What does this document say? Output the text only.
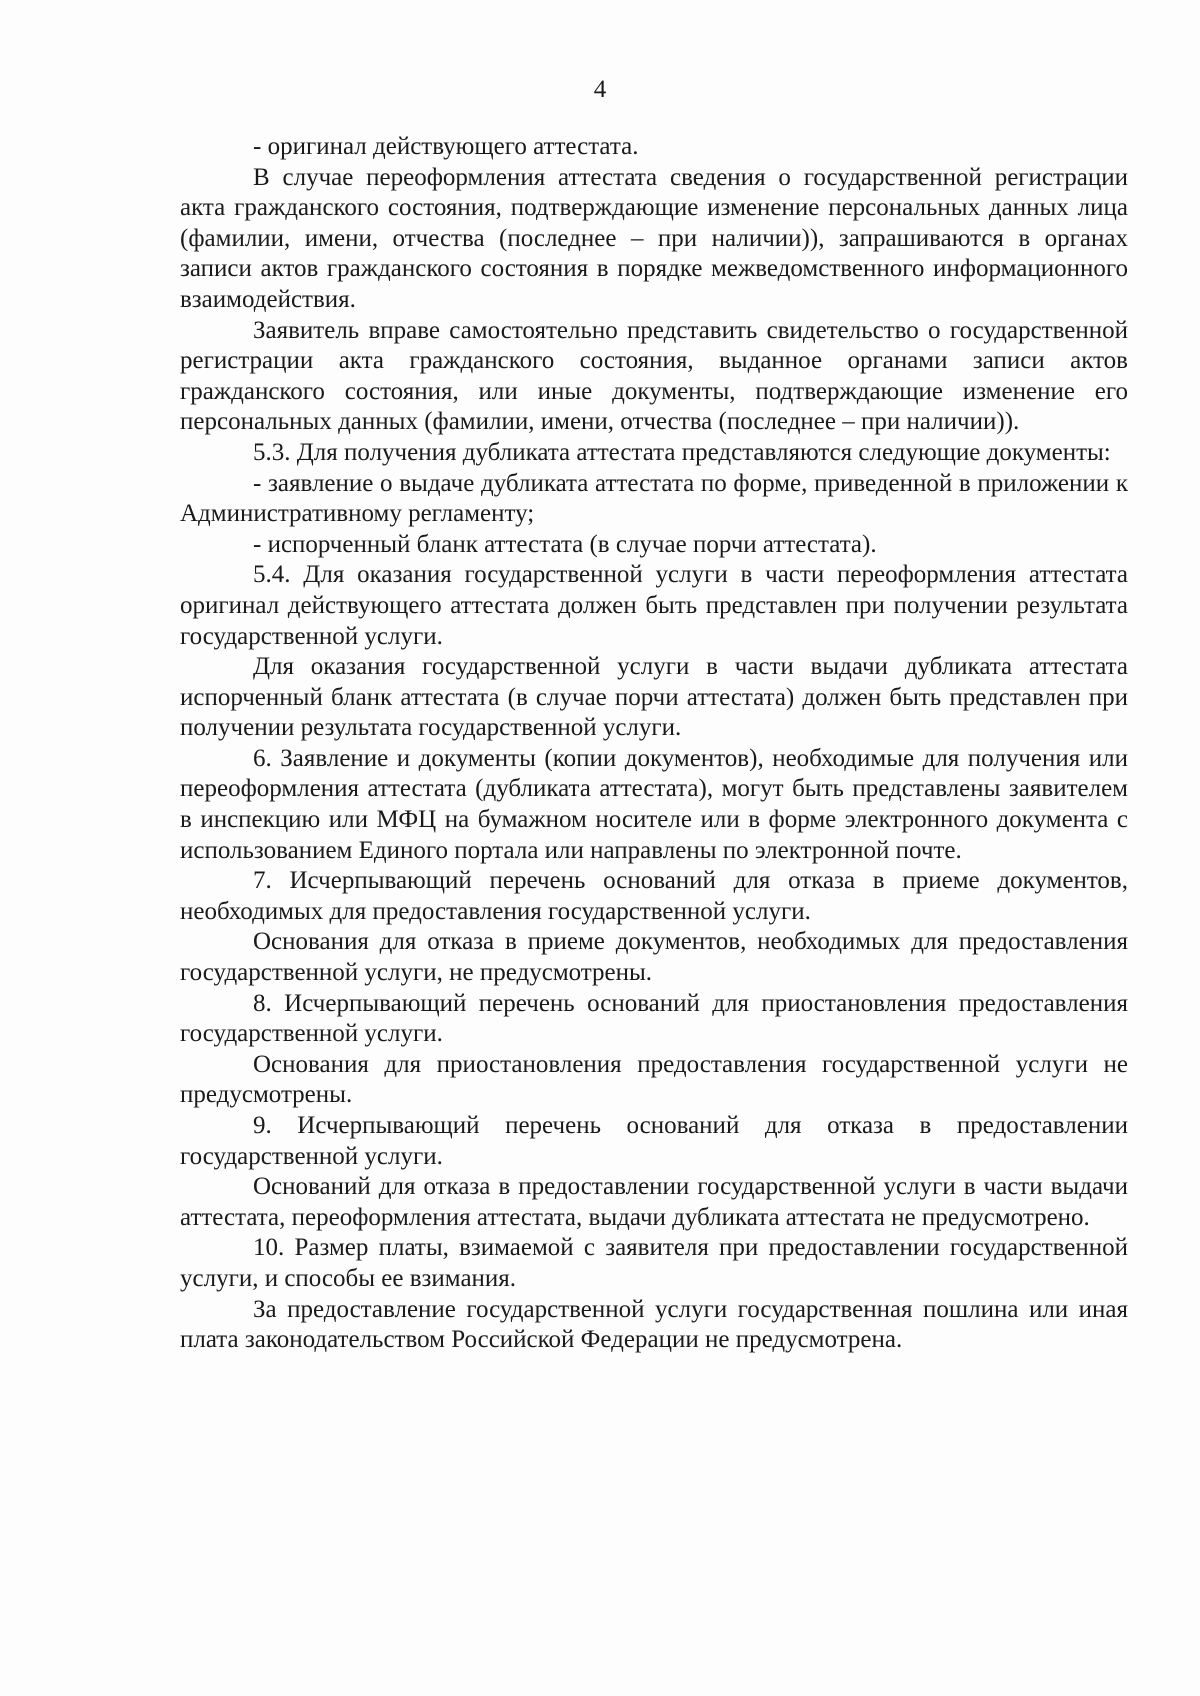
4

- оригинал действующего аттестата.

В случае переоформления аттестата сведения о государственной регистрации акта гражданского состояния, подтверждающие изменение персональных данных лица (фамилии, имени, отчества (последнее – при наличии)), запрашиваются в органах записи актов гражданского состояния в порядке межведомственного информационного взаимодействия.

Заявитель вправе самостоятельно представить свидетельство о государственной регистрации акта гражданского состояния, выданное органами записи актов гражданского состояния, или иные документы, подтверждающие изменение его персональных данных (фамилии, имени, отчества (последнее – при наличии)).

5.3. Для получения дубликата аттестата представляются следующие документы:

- заявление о выдаче дубликата аттестата по форме, приведенной в приложении к Административному регламенту;

- испорченный бланк аттестата (в случае порчи аттестата).

5.4. Для оказания государственной услуги в части переоформления аттестата оригинал действующего аттестата должен быть представлен при получении результата государственной услуги.

Для оказания государственной услуги в части выдачи дубликата аттестата испорченный бланк аттестата (в случае порчи аттестата) должен быть представлен при получении результата государственной услуги.

6. Заявление и документы (копии документов), необходимые для получения или переоформления аттестата (дубликата аттестата), могут быть представлены заявителем в инспекцию или МФЦ на бумажном носителе или в форме электронного документа с использованием Единого портала или направлены по электронной почте.

7. Исчерпывающий перечень оснований для отказа в приеме документов, необходимых для предоставления государственной услуги.

Основания для отказа в приеме документов, необходимых для предоставления государственной услуги, не предусмотрены.

8. Исчерпывающий перечень оснований для приостановления предоставления государственной услуги.

Основания для приостановления предоставления государственной услуги не предусмотрены.

9. Исчерпывающий перечень оснований для отказа в предоставлении государственной услуги.

Оснований для отказа в предоставлении государственной услуги в части выдачи аттестата, переоформления аттестата, выдачи дубликата аттестата не предусмотрено.

10. Размер платы, взимаемой с заявителя при предоставлении государственной услуги, и способы ее взимания.

За предоставление государственной услуги государственная пошлина или иная плата законодательством Российской Федерации не предусмотрена.
